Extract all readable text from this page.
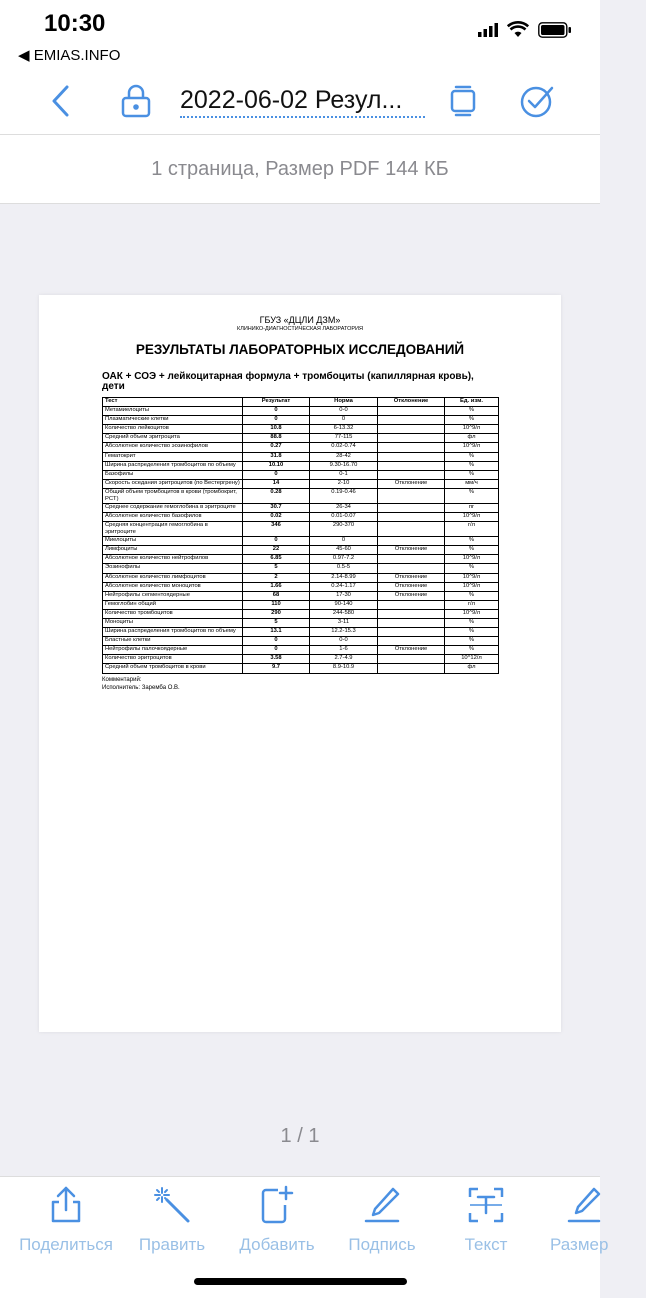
10:30
◀ EMIAS.INFO
2022-06-02 Резул...
1 страница, Размер PDF 144 КБ
ГБУЗ «ДЦЛИ ДЗМ»
КЛИНИКО-ДИАГНОСТИЧЕСКАЯ ЛАБОРАТОРИЯ
РЕЗУЛЬТАТЫ ЛАБОРАТОРНЫХ ИССЛЕДОВАНИЙ
ОАК + СОЭ + лейкоцитарная формула + тромбоциты (капиллярная кровь), дети
Тест	Результат	Норма	Отклонение	Ед. изм.
Метамиелоциты	0	0-0		%
Плазматические клетки	0	0		%
Количество лейкоцитов	10.8	6-13.32		10^9/л
Средний объем эритроцита	88.8	77-115		фл
Абсолютное количество эозинофилов	0.27	0.02-0.74		10^9/л
Гематокрит	31.8	28-42		%
Ширина распределения тромбоцитов по объему	10.10	9.30-16.70		%
Базофилы	0	0-1		%
Скорость оседания эритроцитов (по Вестергрену)	14	2-10	Отклонение	мм/ч
Общий объем тромбоцитов в крови (тромбокрит, PCT)	0.28	0.19-0.46		%
Среднее содержание гемоглобина в эритроците	30.7	26-34		пг
Абсолютное количество базофилов	0.02	0.01-0.07		10^9/л
Средняя концентрация гемоглобина в эритроците	346	290-370		г/л
Миелоциты	0	0		%
Лимфоциты	22	45-60	Отклонение	%
Абсолютное количество нейтрофилов	6.85	0.97-7.2		10^9/л
Эозинофилы	5	0.5-5		%
Абсолютное количество лимфоцитов	2	2.14-8.99	Отклонение	10^9/л
Абсолютное количество моноцитов	1.66	0.24-1.17	Отклонение	10^9/л
Нейтрофилы сегментоядерные	68	17-30	Отклонение	%
Гемоглобин общий	110	90-140		г/л
Количество тромбоцитов	290	244-580		10^9/л
Моноциты	5	3-11		%
Ширина распределения тромбоцитов по объему	13.1	12.2-15.3		%
Бластные клетки	0	0-0		%
Нейтрофилы палочкоядерные	0	1-6	Отклонение	%
Количество эритроцитов	3.58	2.7-4.9		10^12/л
Средний объем тромбоцитов в крови	9.7	8.9-10.9		фл
Комментарий:
Исполнитель: Заремба О.В.
1 / 1
Поделиться	Править	Добавить	Подпись	Текст	Размер
